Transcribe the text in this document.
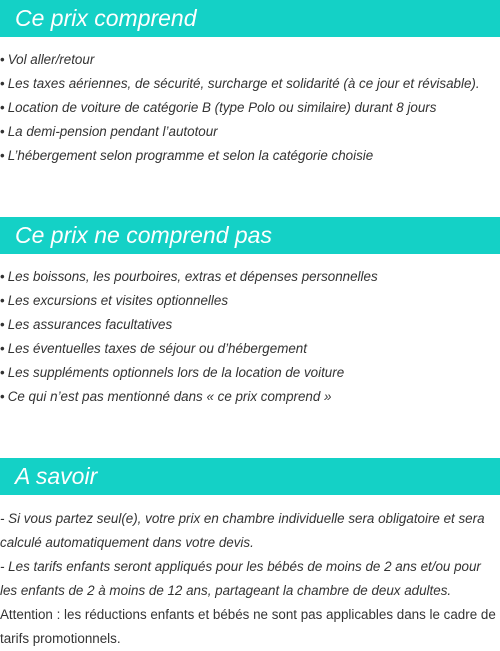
Ce prix comprend
• Vol aller/retour
• Les taxes aériennes, de sécurité, surcharge et solidarité (à ce jour et révisable).
• Location de voiture de catégorie B (type Polo ou similaire) durant 8 jours
• La demi-pension pendant l’autotour
• L’hébergement selon programme et selon la catégorie choisie
Ce prix ne comprend pas
• Les boissons, les pourboires, extras et dépenses personnelles
• Les excursions et visites optionnelles
• Les assurances facultatives
• Les éventuelles taxes de séjour ou d’hébergement
• Les suppléments optionnels lors de la location de voiture
• Ce qui n’est pas mentionné dans « ce prix comprend »
A savoir

- Si vous partez seul(e), votre prix en chambre individuelle sera obligatoire et sera calculé automatiquement dans votre devis.

- Les tarifs enfants seront appliqués pour les bébés de moins de 2 ans et/ou pour les enfants de 2 à moins de 12 ans, partageant la chambre de deux adultes.

Attention : les réductions enfants et bébés ne sont pas applicables dans le cadre de tarifs promotionnels.
